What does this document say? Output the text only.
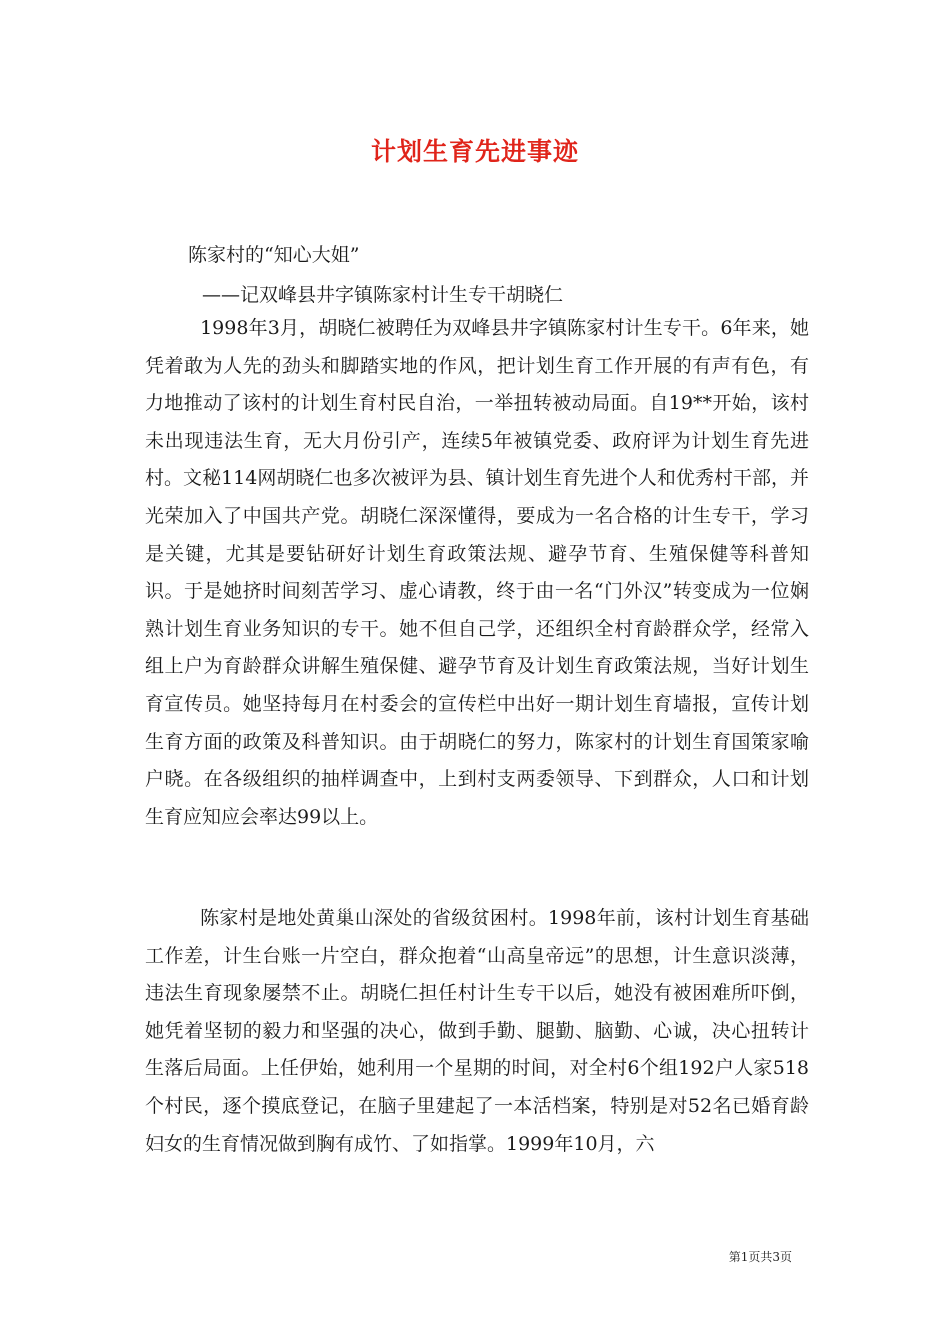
计划生育先进事迹
陈家村的“知心大姐”
——记双峰县井字镇陈家村计生专干胡晓仁

1998年3月，胡晓仁被聘任为双峰县井字镇陈家村计生专干。6年来，她凭着敢为人先的劲头和脚踏实地的作风，把计划生育工作开展的有声有色，有力地推动了该村的计划生育村民自治，一举扭转被动局面。自19**开始，该村未出现违法生育，无大月份引产，连续5年被镇党委、政府评为计划生育先进村。文秘114网胡晓仁也多次被评为县、镇计划生育先进个人和优秀村干部，并光荣加入了中国共产党。胡晓仁深深懂得，要成为一名合格的计生专干，学习是关键，尤其是要钻研好计划生育政策法规、避孕节育、生殖保健等科普知识。于是她挤时间刻苦学习、虚心请教，终于由一名“门外汉”转变成为一位娴熟计划生育业务知识的专干。她不但自己学，还组织全村育龄群众学，经常入组上户为育龄群众讲解生殖保健、避孕节育及计划生育政策法规，当好计划生育宣传员。她坚持每月在村委会的宣传栏中出好一期计划生育墙报，宣传计划生育方面的政策及科普知识。由于胡晓仁的努力，陈家村的计划生育国策家喻户晓。在各级组织的抽样调查中，上到村支两委领导、下到群众，人口和计划生育应知应会率达99以上。

陈家村是地处黄巢山深处的省级贫困村。1998年前，该村计划生育基础工作差，计生台账一片空白，群众抱着“山高皇帝远”的思想，计生意识淡薄，违法生育现象屡禁不止。胡晓仁担任村计生专干以后，她没有被困难所吓倒，她凭着坚韧的毅力和坚强的决心，做到手勤、腿勤、脑勤、心诚，决心扭转计生落后局面。上任伊始，她利用一个星期的时间，对全村6个组192户人家518个村民，逐个摸底登记，在脑子里建起了一本活档案，特别是对52名已婚育龄妇女的生育情况做到胸有成竹、了如指掌。1999年10月，六

第1页共3页
